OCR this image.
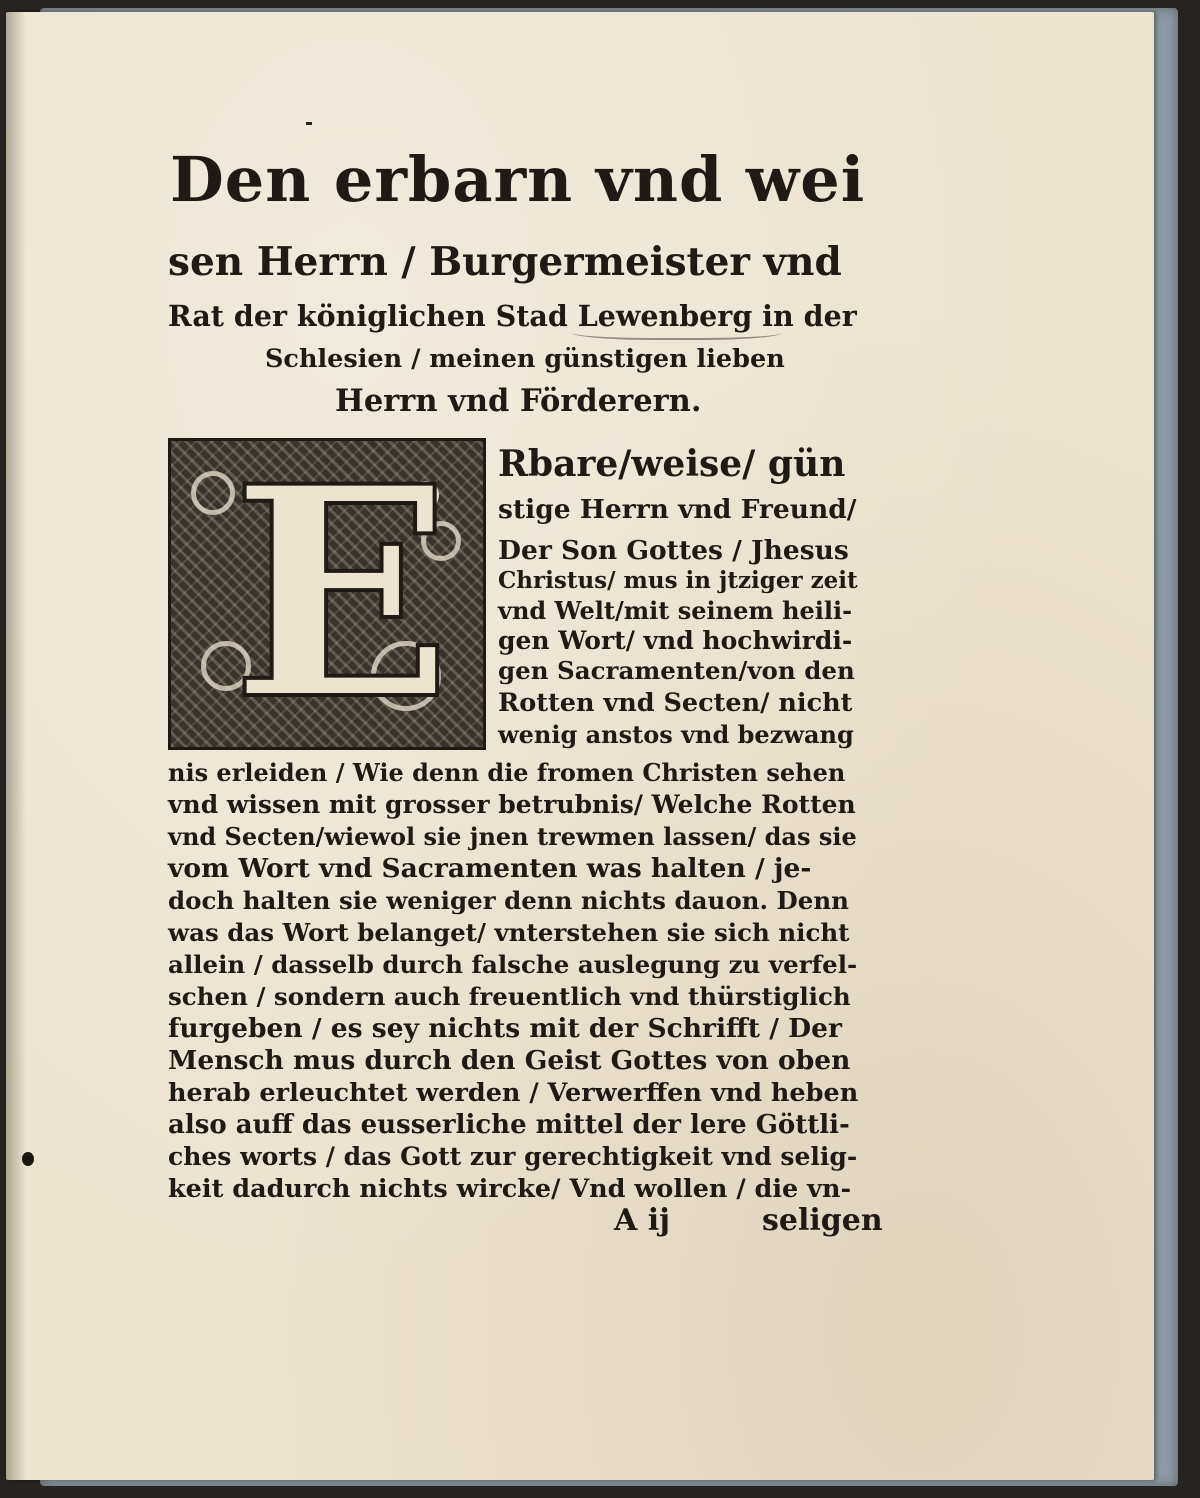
Den erbarn vnd wei
sen Herrn / Burgermeister vnd
Rat der königlichen Stad Lewenberg in der
Schlesien / meinen günstigen lieben
Herrn vnd Förderern.
E Rbare/weise/ gün
stige Herrn vnd Freund/
Der Son Gottes / Jhesus
Christus/ mus in jtziger zeit
vnd Welt/mit seinem heili-
gen Wort/ vnd hochwirdi-
gen Sacramenten/von den
Rotten vnd Secten/ nicht
wenig anstos vnd bezwang
nis erleiden / Wie denn die fromen Christen sehen
vnd wissen mit grosser betrubnis/ Welche Rotten
vnd Secten/wiewol sie jnen trewmen lassen/ das sie
vom Wort vnd Sacramenten was halten / je-
doch halten sie weniger denn nichts dauon. Denn
was das Wort belanget/ vnterstehen sie sich nicht
allein / dasselb durch falsche auslegung zu verfel-
schen / sondern auch freuentlich vnd thürstiglich
furgeben / es sey nichts mit der Schrifft / Der
Mensch mus durch den Geist Gottes von oben
herab erleuchtet werden / Verwerffen vnd heben
also auff das eusserliche mittel der lere Göttli-
ches worts / das Gott zur gerechtigkeit vnd selig-
keit dadurch nichts wircke/ Vnd wollen / die vn-
A ij	seligen
